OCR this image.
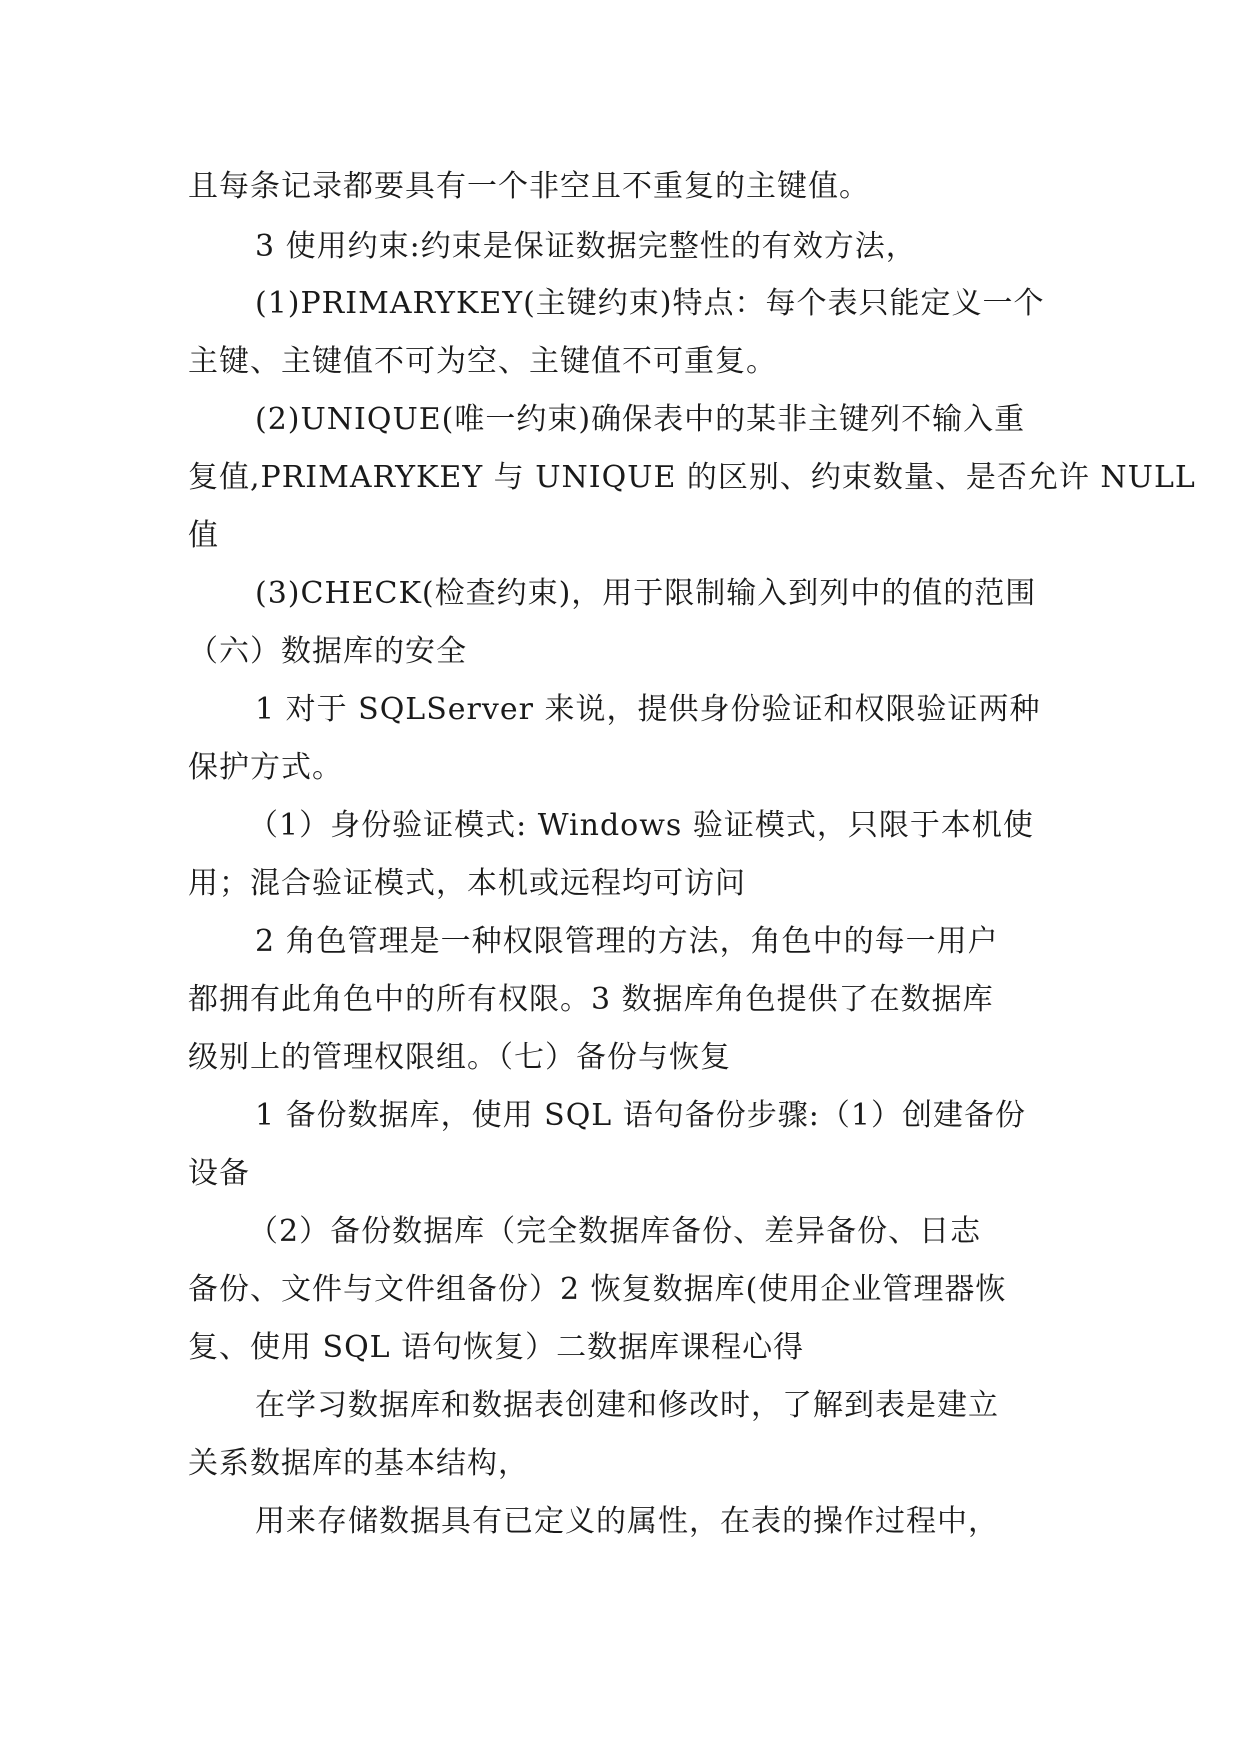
且每条记录都要具有一个非空且不重复的主键值。
3 使用约束:约束是保证数据完整性的有效方法，
(1)PRIMARYKEY(主键约束)特点：每个表只能定义一个
主键、主键值不可为空、主键值不可重复。
(2)UNIQUE(唯一约束)确保表中的某非主键列不输入重
复值,PRIMARYKEY 与 UNIQUE 的区别、约束数量、是否允许 NULL
值
(3)CHECK(检查约束)，用于限制输入到列中的值的范围
（六）数据库的安全
1 对于 SQLServer 来说，提供身份验证和权限验证两种
保护方式。
（1）身份验证模式: Windows 验证模式，只限于本机使
用；混合验证模式，本机或远程均可访问
2 角色管理是一种权限管理的方法，角色中的每一用户
都拥有此角色中的所有权限。3 数据库角色提供了在数据库
级别上的管理权限组。（七）备份与恢复
1 备份数据库，使用 SQL 语句备份步骤:（1）创建备份
设备
（2）备份数据库（完全数据库备份、差异备份、日志
备份、文件与文件组备份）2 恢复数据库(使用企业管理器恢
复、使用 SQL 语句恢复）二数据库课程心得
在学习数据库和数据表创建和修改时，了解到表是建立
关系数据库的基本结构，
用来存储数据具有已定义的属性，在表的操作过程中，
